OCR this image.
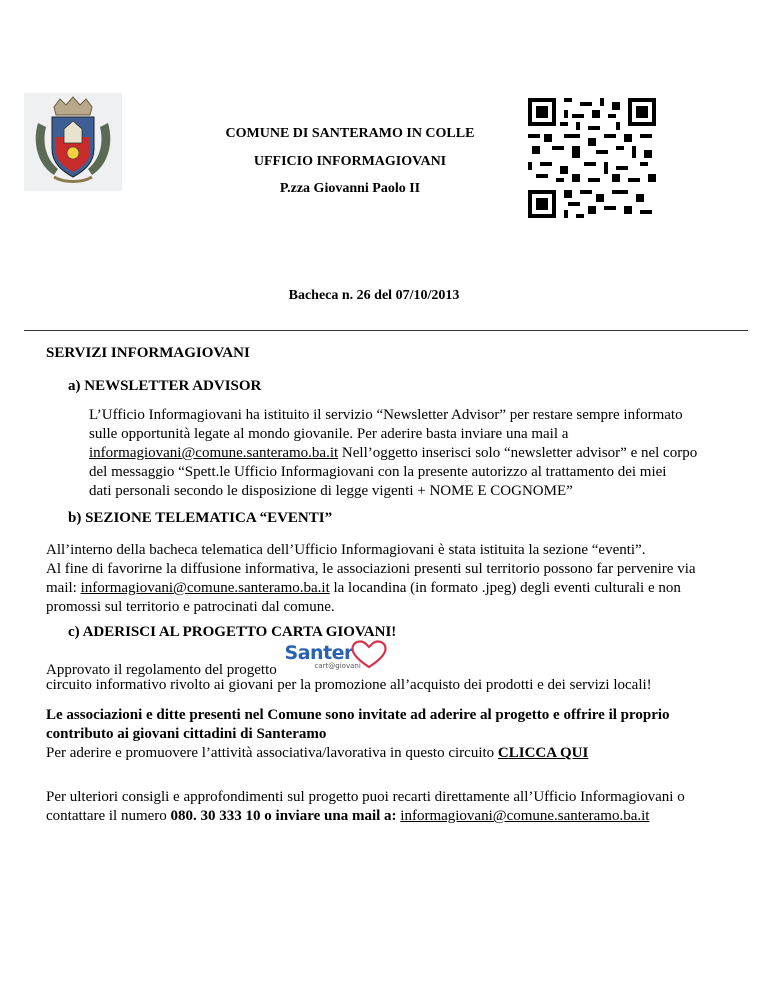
COMUNE DI SANTERAMO IN COLLE
UFFICIO INFORMAGIOVANI
P.zza Giovanni Paolo II
Bacheca n. 26 del 07/10/2013
SERVIZI INFORMAGIOVANI
a) NEWSLETTER ADVISOR
L’Ufficio Informagiovani ha istituito il servizio “Newsletter Advisor” per restare sempre informato
sulle opportunità legate al mondo giovanile. Per aderire basta inviare una mail a
informagiovani@comune.santeramo.ba.it Nell’oggetto inserisci solo “newsletter advisor” e nel corpo
del messaggio “Spett.le Ufficio Informagiovani con la presente autorizzo al trattamento dei miei
dati personali secondo le disposizione di legge vigenti + NOME E COGNOME”
b) SEZIONE TELEMATICA “EVENTI”
All’interno della bacheca telematica dell’Ufficio Informagiovani è stata istituita la sezione “eventi”.
Al fine di favorirne la diffusione informativa, le associazioni presenti sul territorio possono far pervenire via
mail: informagiovani@comune.santeramo.ba.it la locandina (in formato .jpeg) degli eventi culturali e non
promossi sul territorio e patrocinati dal comune.
c) ADERISCI AL PROGETTO CARTA GIOVANI!
Approvato il regolamento del progetto
Santer
cart@giovani
circuito informativo rivolto ai giovani per la promozione all’acquisto dei prodotti e dei servizi locali!
Le associazioni e ditte presenti nel Comune sono invitate ad aderire al progetto e offrire il proprio
contributo ai giovani cittadini di Santeramo
Per aderire e promuovere l’attività associativa/lavorativa in questo circuito CLICCA QUI
Per ulteriori consigli e approfondimenti sul progetto puoi recarti direttamente all’Ufficio Informagiovani o
contattare il numero 080. 30 333 10 o inviare una mail a: informagiovani@comune.santeramo.ba.it
